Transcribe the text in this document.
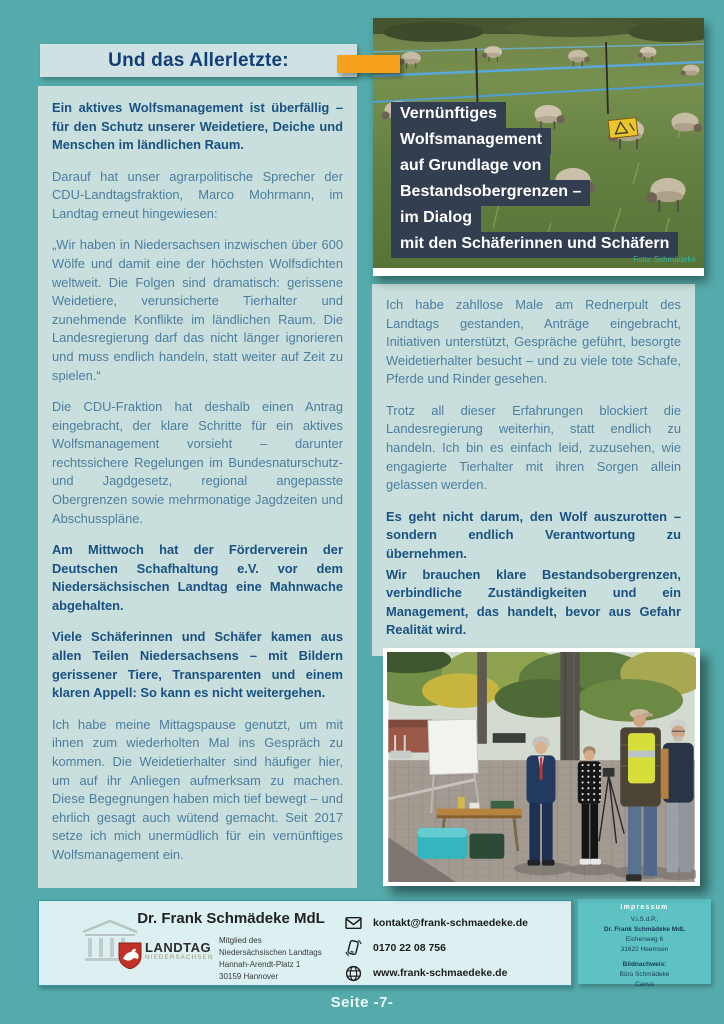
Und das Allerletzte:

Ein aktives Wolfsmanagement ist überfällig – für den Schutz unserer Weidetiere, Deiche und Menschen im ländlichen Raum.

Darauf hat unser agrarpolitische Sprecher der CDU-Landtagsfraktion, Marco Mohrmann, im Landtag erneut hingewiesen:

„Wir haben in Niedersachsen inzwischen über 600 Wölfe und damit eine der höchsten Wolfsdichten weltweit. Die Folgen sind dramatisch: gerissene Weidetiere, verunsicherte Tierhalter und zunehmende Konflikte im ländlichen Raum. Die Landesregierung darf das nicht länger ignorieren und muss endlich handeln, statt weiter auf Zeit zu spielen.“

Die CDU-Fraktion hat deshalb einen Antrag eingebracht, der klare Schritte für ein aktives Wolfsmanagement vorsieht – darunter rechtssichere Regelungen im Bundesnaturschutz- und Jagdgesetz, regional angepasste Obergrenzen sowie mehrmonatige Jagdzeiten und Abschusspläne.

Am Mittwoch hat der Förderverein der Deutschen Schafhaltung e.V. vor dem Niedersächsischen Landtag eine Mahnwache abgehalten.

Viele Schäferinnen und Schäfer kamen aus allen Teilen Niedersachsens – mit Bildern gerissener Tiere, Transparenten und einem klaren Appell: So kann es nicht weitergehen.

Ich habe meine Mittagspause genutzt, um mit ihnen zum wiederholten Mal ins Gespräch zu kommen. Die Weidetierhalter sind häufiger hier, um auf ihr Anliegen aufmerksam zu machen. Diese Begegnungen haben mich tief bewegt – und ehrlich gesagt auch wütend gemacht. Seit 2017 setze ich mich unermüdlich für ein vernünftiges Wolfsmanagement ein.

Vernünftiges
Wolfsmanagement
auf Grundlage von
Bestandsobergrenzen –
im Dialog
mit den Schäferinnen und Schäfern
Foto: Schmädeke

Ich habe zahllose Male am Rednerpult des Landtags gestanden, Anträge eingebracht, Initiativen unterstützt, Gespräche geführt, besorgte Weidetierhalter besucht – und zu viele tote Schafe, Pferde und Rinder gesehen.

Trotz all dieser Erfahrungen blockiert die Landesregierung weiterhin, statt endlich zu handeln. Ich bin es einfach leid, zuzusehen, wie engagierte Tierhalter mit ihren Sorgen allein gelassen werden.

Es geht nicht darum, den Wolf auszurotten – sondern endlich Verantwortung zu übernehmen.

Wir brauchen klare Bestandsobergrenzen, verbindliche Zuständigkeiten und ein Management, das handelt, bevor aus Gefahr Realität wird.

Dr. Frank Schmädeke MdL
LANDTAG
NIEDERSACHSEN
Mitglied des
Niedersächsischen Landtags
Hannah-Arendt-Platz 1
30159 Hannover
kontakt@frank-schmaedeke.de
0170 22 08 756
www.frank-schmaedeke.de
Impressum
V.i.S.d.P.:
Dr. Frank Schmädeke MdL
Eichenweg 6
31622 Heemsen
Bildnachweis:
Büro Schmädeke
Canva
Seite -7-
